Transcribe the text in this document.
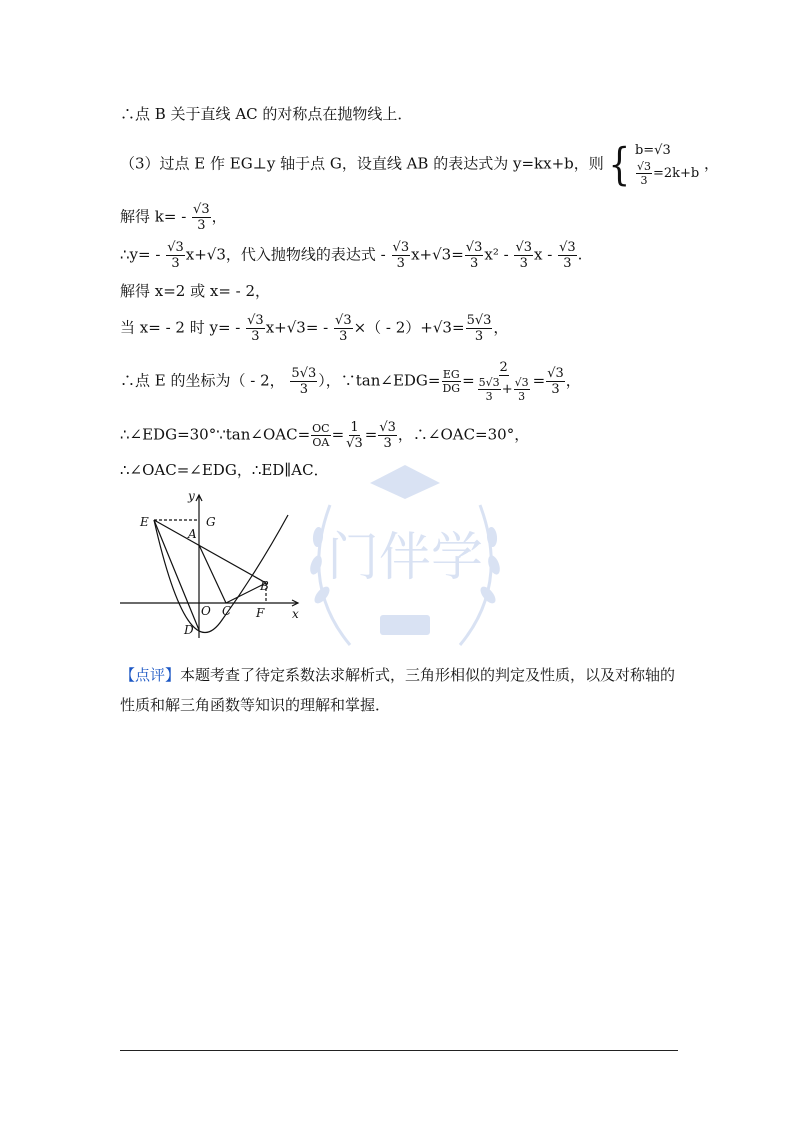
∴点 B 关于直线 AC 的对称点在抛物线上．
（3）过点 E 作 EG⊥y 轴于点 G，设直线 AB 的表达式为 y=kx+b，则 { b=√3
$\frac{√3}{3} =2k+b$
，
解得 $k= - \frac{√3}{3}$ ，
∴y= - $\frac{√3}{3} x+√3$，代入抛物线的表达式 - $\frac{√3}{3} x+√3= \frac{√3}{3} x^2 - \frac{√3}{3}$ x - $\frac{√3}{3}$ .
解得 x=2 或 x= - 2，
当 x= - 2 时 $y= - \frac{√3}{3} x+√3= - \frac{√3}{3}$ ×（ - $2)+√3= \frac{5√3}{3}$ ，
∴点 E 的坐标为（ - 2， $\frac{5√3}{3}$ ），∵tan∠EDG= $\frac{EG}{DG} = \frac{2}{\frac{5√3}{3} + \frac{√3}{3}} = \frac{√3}{3}$ ，
∴∠EDG=30°∵tan∠OAC= $\frac{OC}{OA} = \frac{1}{√3} = \frac{√3}{3}$ ，∴∠OAC=30°，
∴∠OAC=∠EDG，∴ED∥AC．
门伴学
y
x
E	G
A
B
O C F
D
【点评】本题考查了待定系数法求解析式，三角形相似的判定及性质，以及对称轴的性质和解三角函数等知识的理解和掌握．
